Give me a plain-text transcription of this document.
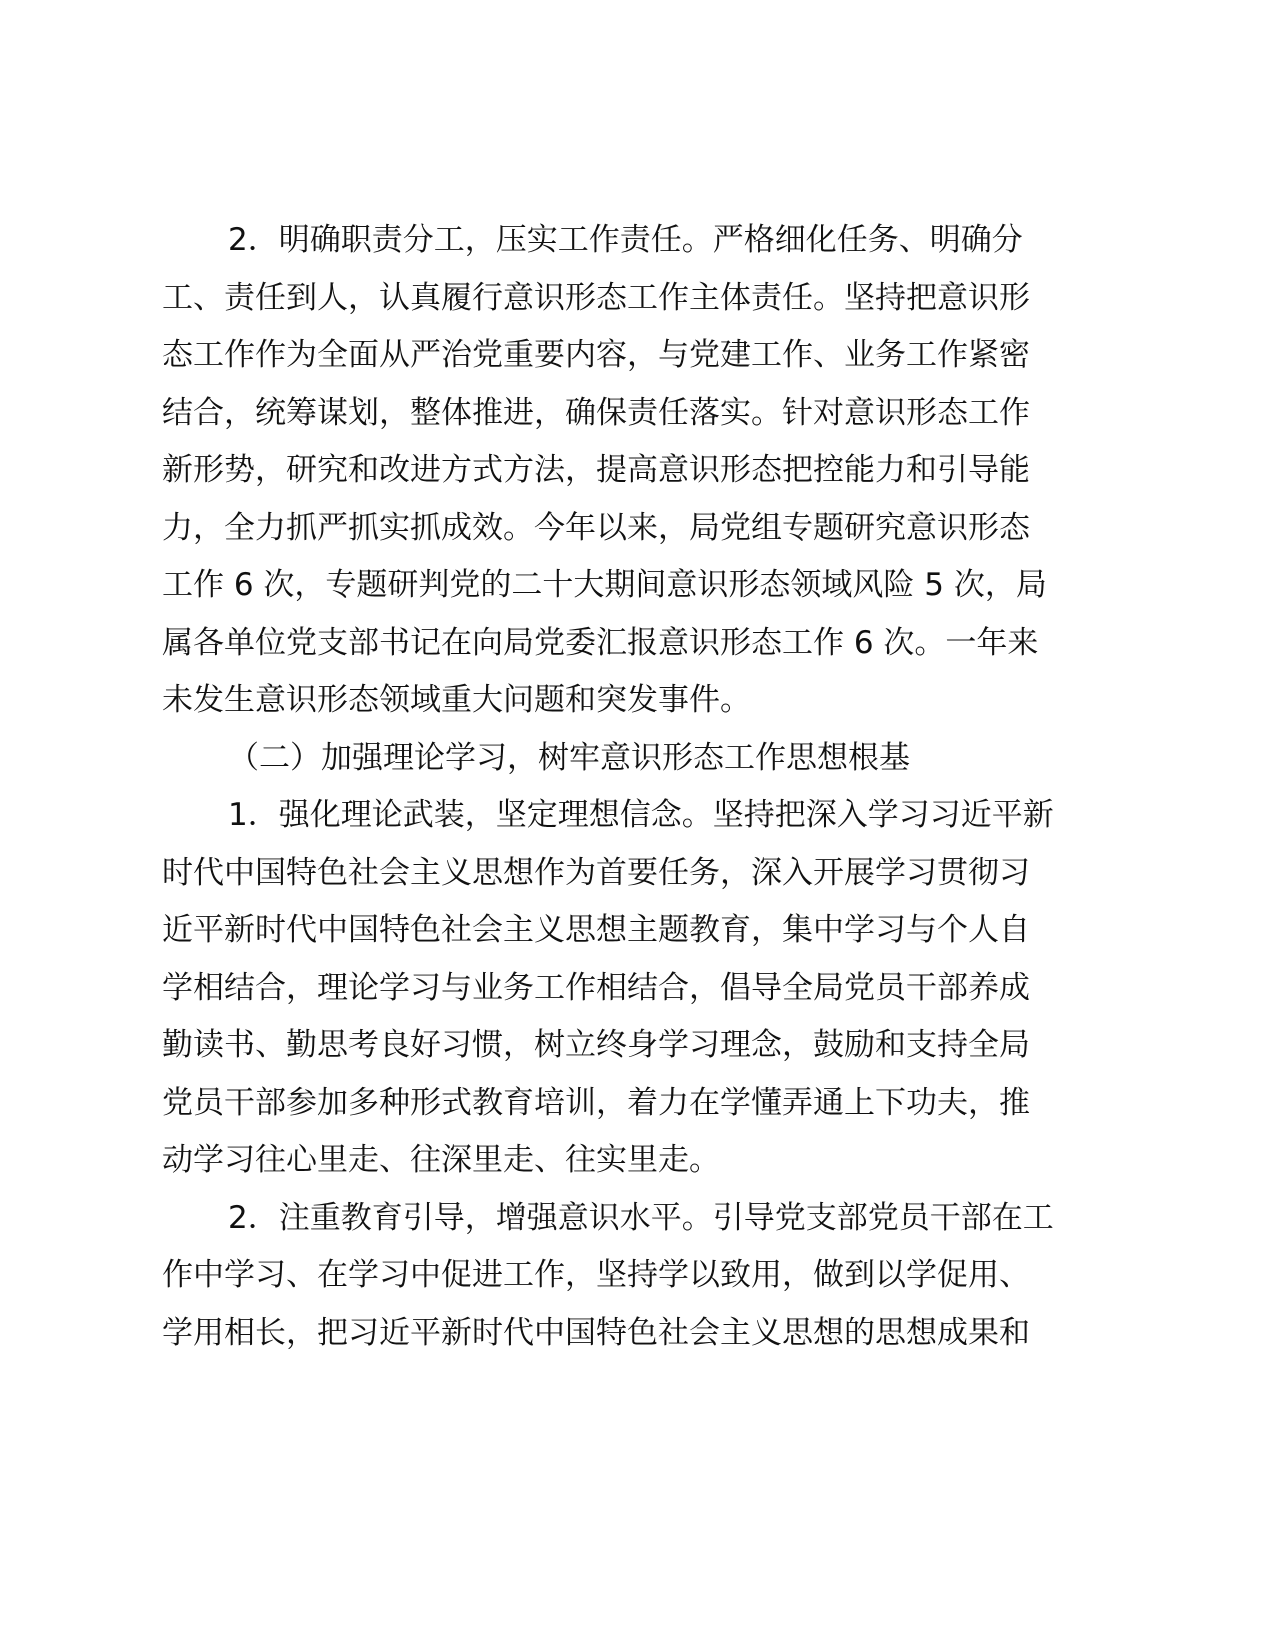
2．明确职责分工，压实工作责任。严格细化任务、明确分

工、责任到人，认真履行意识形态工作主体责任。坚持把意识形

态工作作为全面从严治党重要内容，与党建工作、业务工作紧密

结合，统筹谋划，整体推进，确保责任落实。针对意识形态工作

新形势，研究和改进方式方法，提高意识形态把控能力和引导能

力，全力抓严抓实抓成效。今年以来，局党组专题研究意识形态

工作 6 次，专题研判党的二十大期间意识形态领域风险 5 次，局

属各单位党支部书记在向局党委汇报意识形态工作 6 次。一年来

未发生意识形态领域重大问题和突发事件。

（二）加强理论学习，树牢意识形态工作思想根基

1．强化理论武装，坚定理想信念。坚持把深入学习习近平新

时代中国特色社会主义思想作为首要任务，深入开展学习贯彻习

近平新时代中国特色社会主义思想主题教育，集中学习与个人自

学相结合，理论学习与业务工作相结合，倡导全局党员干部养成

勤读书、勤思考良好习惯，树立终身学习理念，鼓励和支持全局

党员干部参加多种形式教育培训，着力在学懂弄通上下功夫，推

动学习往心里走、往深里走、往实里走。

2．注重教育引导，增强意识水平。引导党支部党员干部在工

作中学习、在学习中促进工作，坚持学以致用，做到以学促用、

学用相长，把习近平新时代中国特色社会主义思想的思想成果和
